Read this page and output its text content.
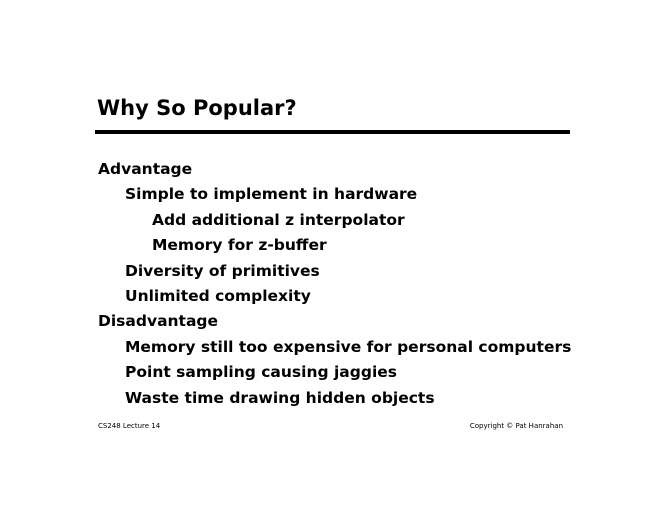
Why So Popular?
Advantage
Simple to implement in hardware
Add additional z interpolator
Memory for z-buffer
Diversity of primitives
Unlimited complexity
Disadvantage
Memory still too expensive for personal computers
Point sampling causing jaggies
Waste time drawing hidden objects
CS248 Lecture 14	Copyright © Pat Hanrahan
